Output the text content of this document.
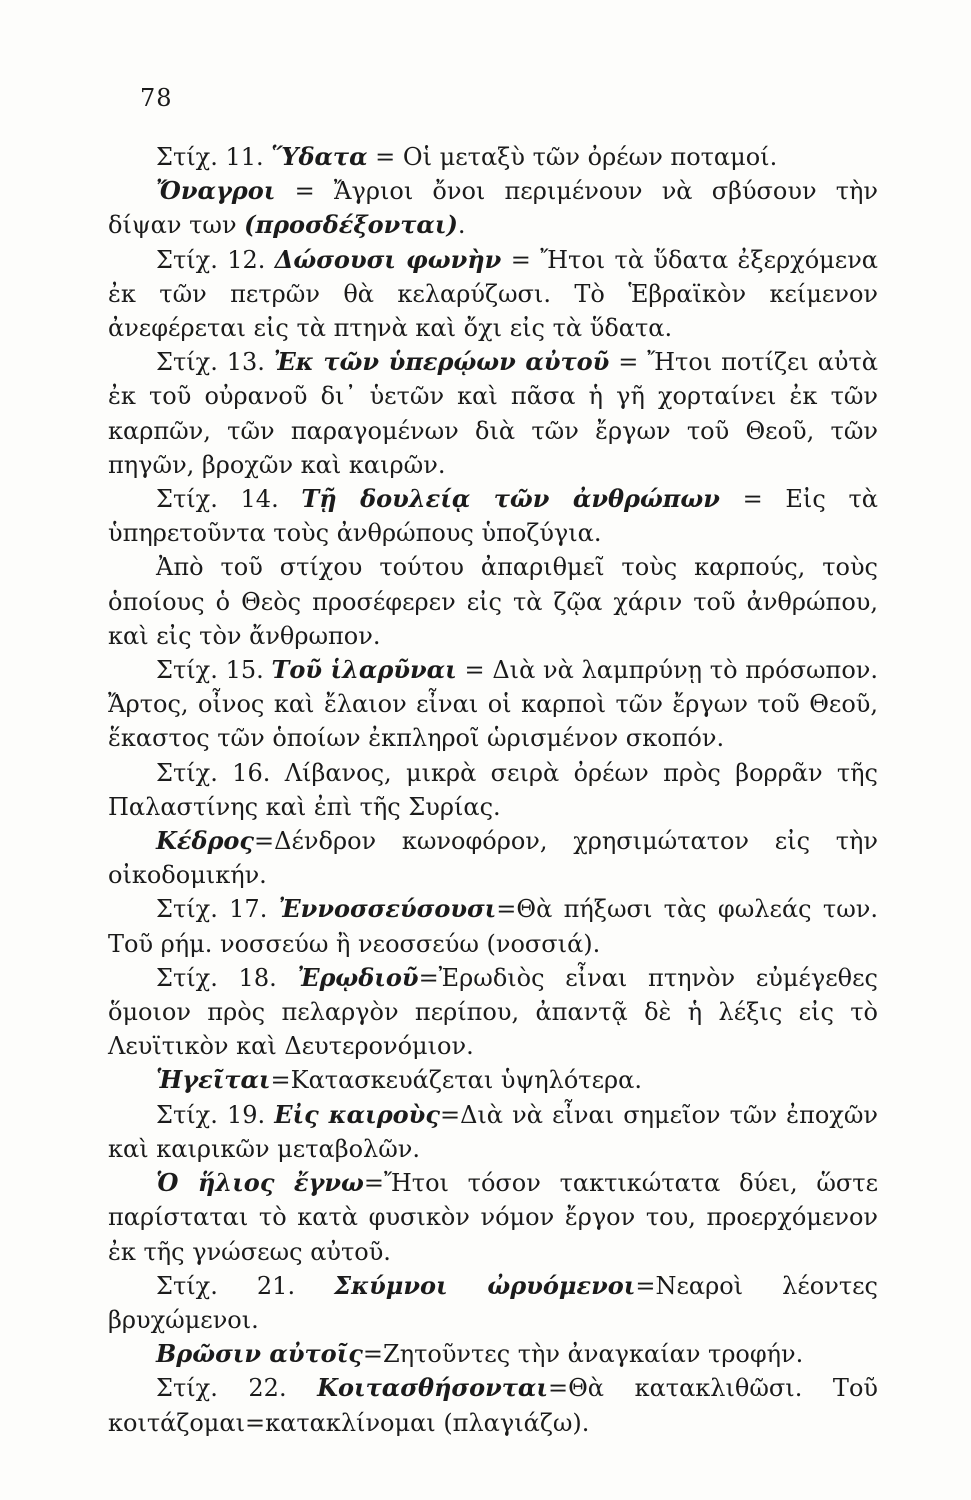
78

Στίχ. 11. Ὕδατα = Οἱ μεταξὺ τῶν ὀρέων ποταμοί.

Ὄναγροι = Ἄγριοι ὄνοι περιμένουν νὰ σβύσουν τὴν δίψαν των (προσδέξονται).

Στίχ. 12. Δώσουσι φωνὴν = Ἤτοι τὰ ὕδατα ἐξερχόμενα ἐκ τῶν πετρῶν θὰ κελαρύζωσι. Τὸ Ἑβραϊκὸν κείμενον ἀνεφέρεται εἰς τὰ πτηνὰ καὶ ὄχι εἰς τὰ ὕδατα.

Στίχ. 13. Ἐκ τῶν ὑπερῴων αὐτοῦ = Ἤτοι ποτίζει αὐτὰ ἐκ τοῦ οὐρανοῦ δι᾿ ὑετῶν καὶ πᾶσα ἡ γῆ χορταίνει ἐκ τῶν καρπῶν, τῶν παραγομένων διὰ τῶν ἔργων τοῦ Θεοῦ, τῶν πηγῶν, βροχῶν καὶ καιρῶν.

Στίχ. 14. Τῇ δουλείᾳ τῶν ἀνθρώπων = Εἰς τὰ ὑπηρετοῦντα τοὺς ἀνθρώπους ὑποζύγια.

Ἀπὸ τοῦ στίχου τούτου ἀπαριθμεῖ τοὺς καρπούς, τοὺς ὁποίους ὁ Θεὸς προσέφερεν εἰς τὰ ζῷα χάριν τοῦ ἀνθρώπου, καὶ εἰς τὸν ἄνθρωπον.

Στίχ. 15. Τοῦ ἱλαρῦναι = Διὰ νὰ λαμπρύνῃ τὸ πρόσωπον. Ἄρτος, οἶνος καὶ ἔλαιον εἶναι οἱ καρποὶ τῶν ἔργων τοῦ Θεοῦ, ἕκαστος τῶν ὁποίων ἐκπληροῖ ὡρισμένον σκοπόν.

Στίχ. 16. Λίβανος, μικρὰ σειρὰ ὀρέων πρὸς βορρᾶν τῆς Παλαστίνης καὶ ἐπὶ τῆς Συρίας.

Κέδρος=Δένδρον κωνοφόρον, χρησιμώτατον εἰς τὴν οἰκοδομικήν.

Στίχ. 17. Ἐννοσσεύσουσι=Θὰ πήξωσι τὰς φωλεάς των. Τοῦ ρήμ. νοσσεύω ἢ νεοσσεύω (νοσσιά).

Στίχ. 18. Ἐρῳδιοῦ=Ἐρωδιὸς εἶναι πτηνὸν εὐμέγεθες ὅμοιον πρὸς πελαργὸν περίπου, ἀπαντᾷ δὲ ἡ λέξις εἰς τὸ Λευϊτικὸν καὶ Δευτερονόμιον.

Ἡγεῖται=Κατασκευάζεται ὑψηλότερα.

Στίχ. 19. Εἰς καιροὺς=Διὰ νὰ εἶναι σημεῖον τῶν ἐποχῶν καὶ καιρικῶν μεταβολῶν.

Ὁ ἥλιος ἔγνω=Ἤτοι τόσον τακτικώτατα δύει, ὥστε παρίσταται τὸ κατὰ φυσικὸν νόμον ἔργον του, προερχόμενον ἐκ τῆς γνώσεως αὐτοῦ.

Στίχ. 21. Σκύμνοι ὠρυόμενοι=Νεαροὶ λέοντες βρυχώμενοι.

Βρῶσιν αὐτοῖς=Ζητοῦντες τὴν ἀναγκαίαν τροφήν.

Στίχ. 22. Κοιτασθήσονται=Θὰ κατακλιθῶσι. Τοῦ κοιτάζομαι=κατακλίνομαι (πλαγιάζω).
